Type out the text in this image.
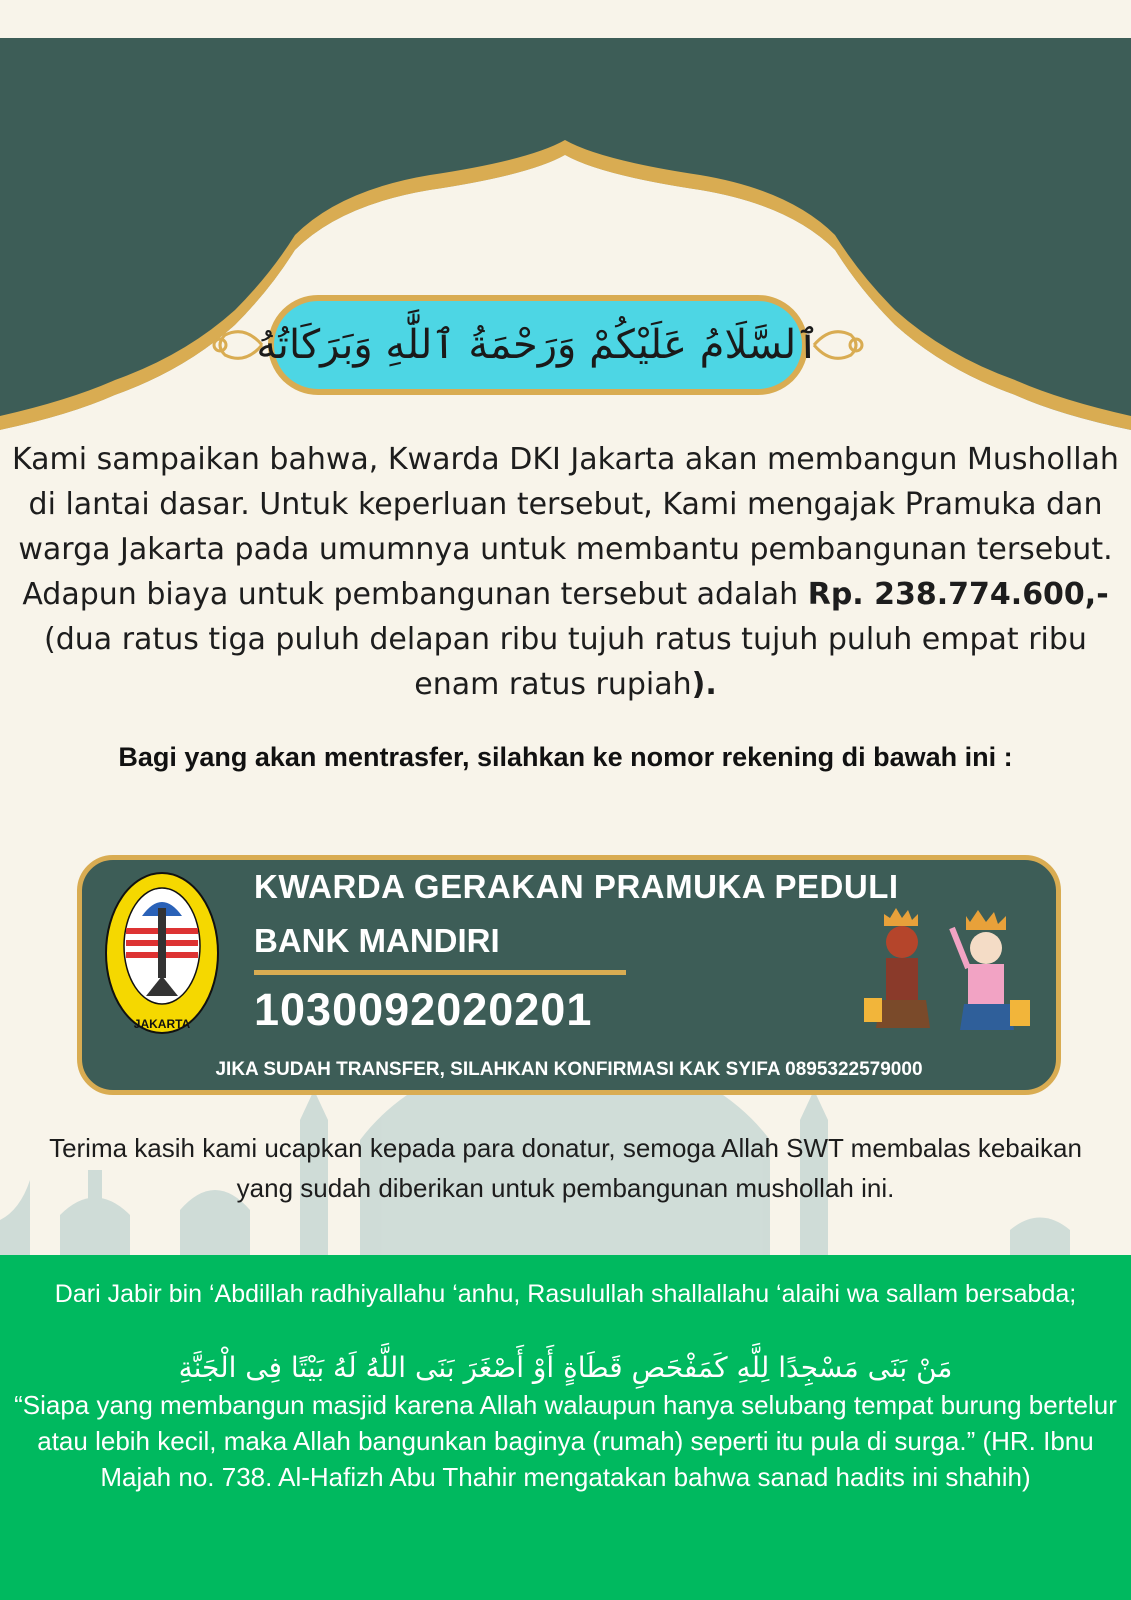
ٱلسَّلَامُ عَلَيْكُمْ وَرَحْمَةُ ٱللَّٰهِ وَبَرَكَاتُهُ
Kami sampaikan bahwa, Kwarda DKI Jakarta akan membangun Mushollah di lantai dasar. Untuk keperluan tersebut, Kami mengajak Pramuka dan warga Jakarta pada umumnya untuk membantu pembangunan tersebut. Adapun biaya untuk pembangunan tersebut adalah Rp. 238.774.600,- (dua ratus tiga puluh delapan ribu tujuh ratus tujuh puluh empat ribu enam ratus rupiah).
Bagi yang akan mentrasfer, silahkan ke nomor rekening di bawah ini :
JAKARTA
KWARDA GERAKAN PRAMUKA PEDULI
BANK MANDIRI
1030092020201
JIKA SUDAH TRANSFER, SILAHKAN KONFIRMASI KAK SYIFA 0895322579000
Terima kasih kami ucapkan kepada para donatur, semoga Allah SWT membalas kebaikan yang sudah diberikan untuk pembangunan mushollah ini.
Dari Jabir bin ‘Abdillah radhiyallahu ‘anhu, Rasulullah shallallahu ‘alaihi wa sallam bersabda;
مَنْ بَنَى مَسْجِدًا لِلَّهِ كَمَفْحَصِ قَطَاةٍ أَوْ أَصْغَرَ بَنَى اللَّهُ لَهُ بَيْتًا فِى الْجَنَّةِ
“Siapa yang membangun masjid karena Allah walaupun hanya selubang tempat burung bertelur atau lebih kecil, maka Allah bangunkan baginya (rumah) seperti itu pula di surga.” (HR. Ibnu Majah no. 738. Al-Hafizh Abu Thahir mengatakan bahwa sanad hadits ini shahih)
